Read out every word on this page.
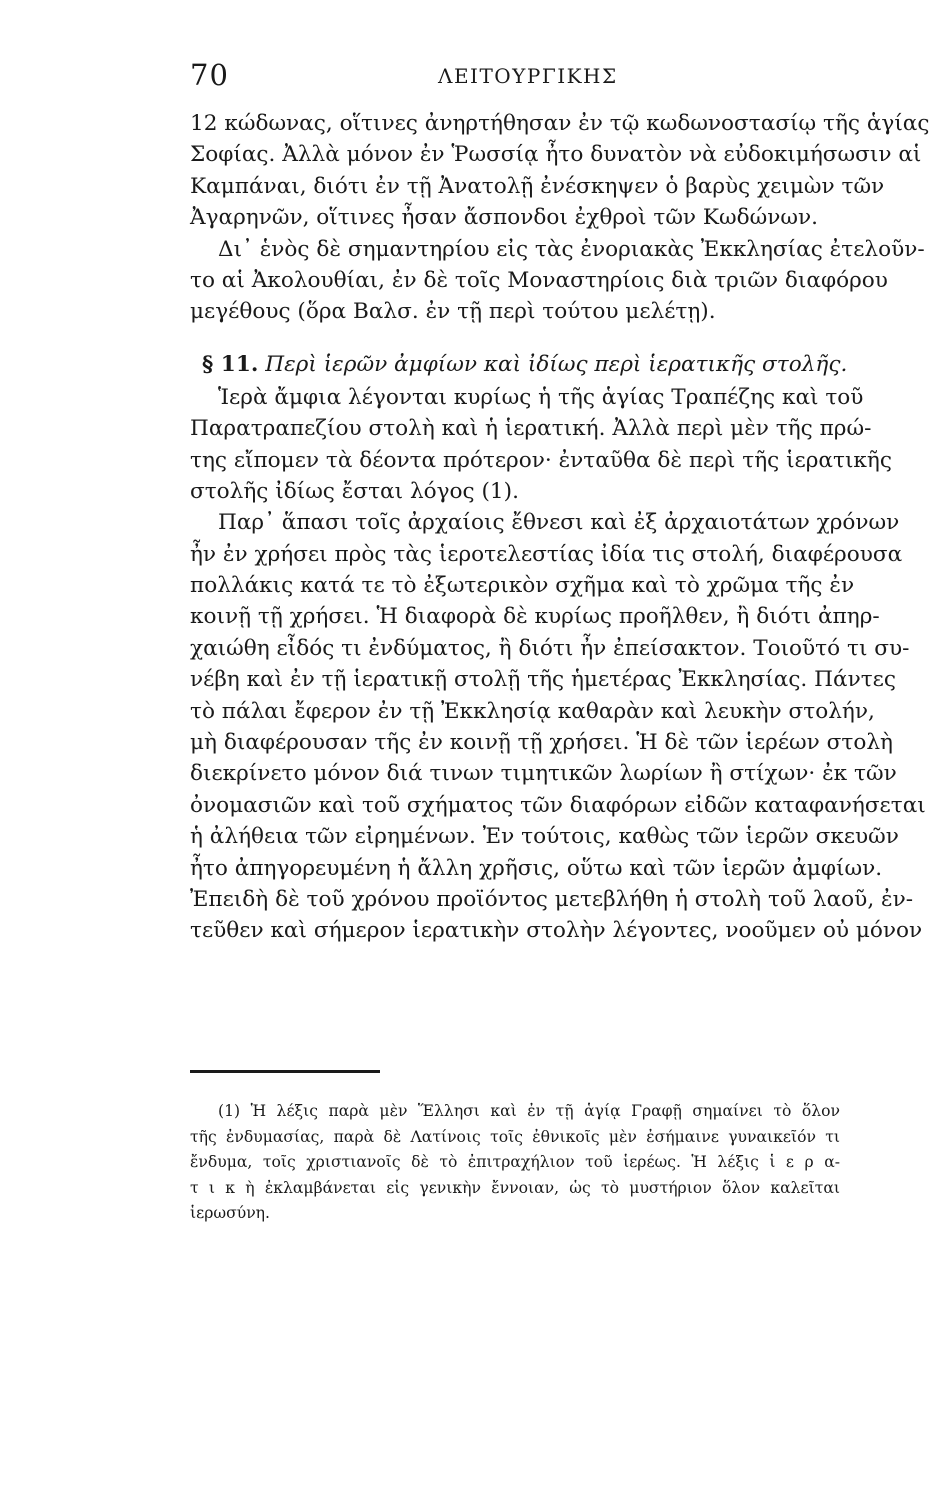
70	ΛΕΙΤΟΥΡΓΙΚΗΣ
12 κώδωνας, οἵτινες ἀνηρτήθησαν ἐν τῷ κωδωνοστασίῳ τῆς ἁγίας
Σοφίας. Ἀλλὰ μόνον ἐν Ῥωσσίᾳ ἦτο δυνατὸν νὰ εὐδοκιμήσωσιν αἱ
Καμπάναι, διότι ἐν τῇ Ἀνατολῇ ἐνέσκηψεν ὁ βαρὺς χειμὼν τῶν
Ἀγαρηνῶν, οἵτινες ἦσαν ἄσπονδοι ἐχθροὶ τῶν Κωδώνων.
Δι᾿ ἑνὸς δὲ σημαντηρίου εἰς τὰς ἐνοριακὰς Ἐκκλησίας ἐτελοῦν-
το αἱ Ἀκολουθίαι, ἐν δὲ τοῖς Μοναστηρίοις διὰ τριῶν διαφόρου
μεγέθους (ὅρα Βαλσ. ἐν τῇ περὶ τούτου μελέτῃ).
§ 11. Περὶ ἱερῶν ἀμφίων καὶ ἰδίως περὶ ἱερατικῆς στολῆς.
Ἱερὰ ἄμφια λέγονται κυρίως ἡ τῆς ἁγίας Τραπέζης καὶ τοῦ
Παρατραπεζίου στολὴ καὶ ἡ ἱερατική. Ἀλλὰ περὶ μὲν τῆς πρώ-
της εἴπομεν τὰ δέοντα πρότερον· ἐνταῦθα δὲ περὶ τῆς ἱερατικῆς
στολῆς ἰδίως ἔσται λόγος (1).
Παρ᾿ ἅπασι τοῖς ἀρχαίοις ἔθνεσι καὶ ἐξ ἀρχαιοτάτων χρόνων
ἦν ἐν χρήσει πρὸς τὰς ἱεροτελεστίας ἰδία τις στολή, διαφέρουσα
πολλάκις κατά τε τὸ ἐξωτερικὸν σχῆμα καὶ τὸ χρῶμα τῆς ἐν
κοινῇ τῇ χρήσει. Ἡ διαφορὰ δὲ κυρίως προῆλθεν, ἢ διότι ἀπηρ-
χαιώθη εἶδός τι ἐνδύματος, ἢ διότι ἦν ἐπείσακτον. Τοιοῦτό τι συ-
νέβη καὶ ἐν τῇ ἱερατικῇ στολῇ τῆς ἡμετέρας Ἐκκλησίας. Πάντες
τὸ πάλαι ἔφερον ἐν τῇ Ἐκκλησίᾳ καθαρὰν καὶ λευκὴν στολήν,
μὴ διαφέρουσαν τῆς ἐν κοινῇ τῇ χρήσει. Ἡ δὲ τῶν ἱερέων στολὴ
διεκρίνετο μόνον διά τινων τιμητικῶν λωρίων ἢ στίχων· ἐκ τῶν
ὀνομασιῶν καὶ τοῦ σχήματος τῶν διαφόρων εἰδῶν καταφανήσεται
ἡ ἀλήθεια τῶν εἰρημένων. Ἐν τούτοις, καθὼς τῶν ἱερῶν σκευῶν
ἦτο ἀπηγορευμένη ἡ ἄλλη χρῆσις, οὕτω καὶ τῶν ἱερῶν ἀμφίων.
Ἐπειδὴ δὲ τοῦ χρόνου προϊόντος μετεβλήθη ἡ στολὴ τοῦ λαοῦ, ἐν-
τεῦθεν καὶ σήμερον ἱερατικὴν στολὴν λέγοντες, νοοῦμεν οὐ μόνον
(1) Ἡ λέξις παρὰ μὲν Ἕλλησι καὶ ἐν τῇ ἁγίᾳ Γραφῇ σημαίνει τὸ ὅλον
τῆς ἐνδυμασίας, παρὰ δὲ Λατίνοις τοῖς ἐθνικοῖς μὲν ἐσήμαινε γυναικεῖόν τι
ἔνδυμα, τοῖς χριστιανοῖς δὲ τὸ ἐπιτραχήλιον τοῦ ἱερέως. Ἡ λέξις ἱ ε ρ α-
τ ι κ ὴ ἐκλαμβάνεται εἰς γενικὴν ἔννοιαν, ὡς τὸ μυστήριον ὅλον καλεῖται
ἱερωσύνη.
